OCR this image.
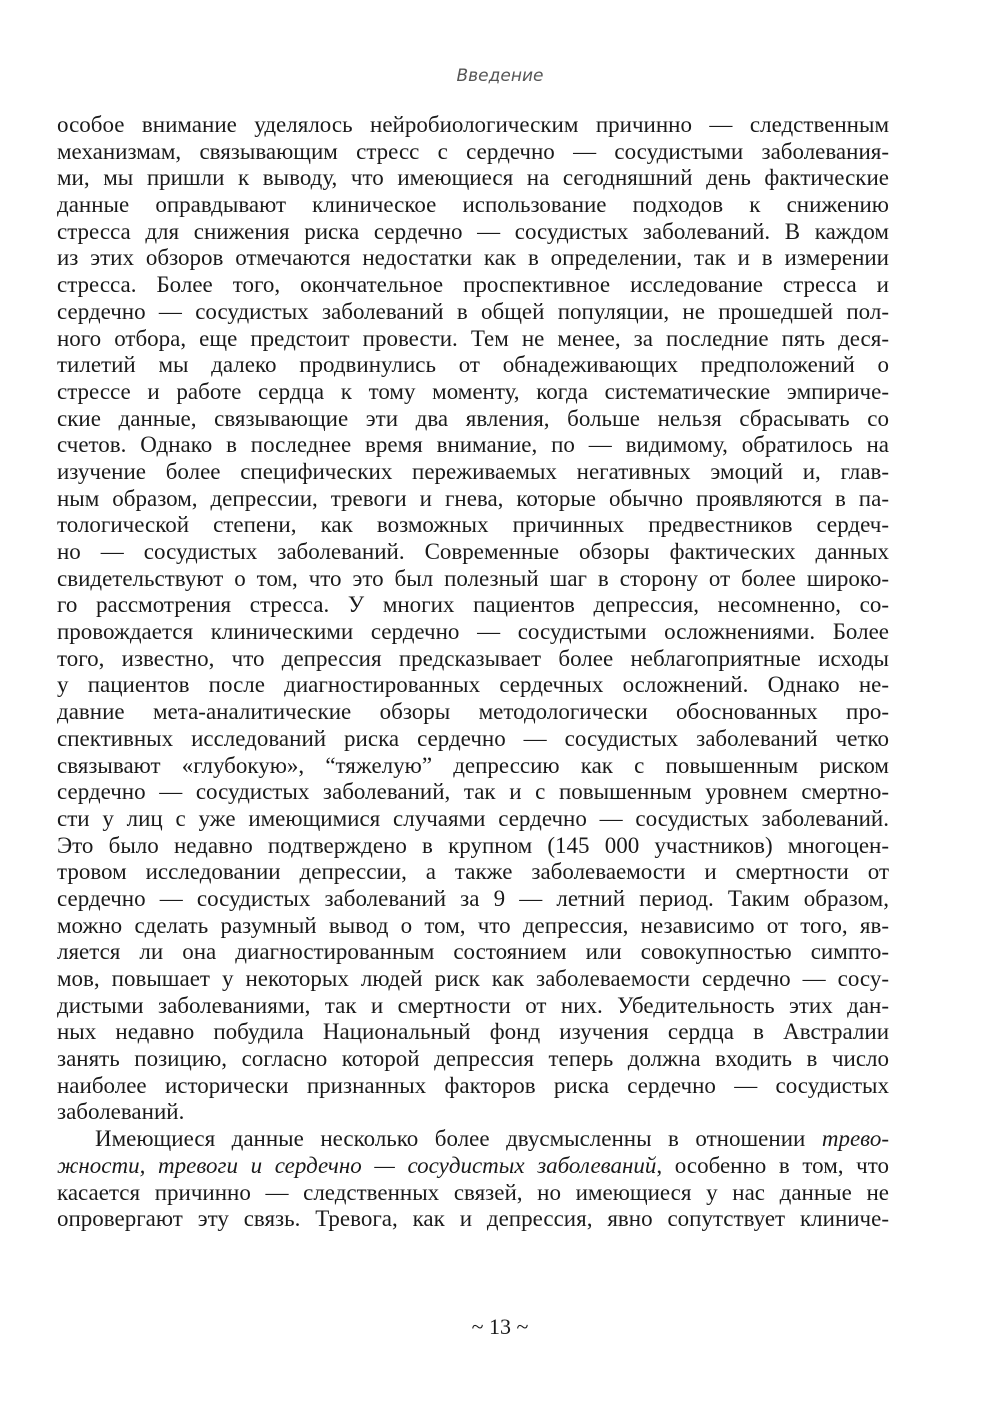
Введение
особое внимание уделялось нейробиологическим причинно — следственным
механизмам, связывающим стресс с сердечно — сосудистыми заболевания-
ми, мы пришли к выводу, что имеющиеся на сегодняшний день фактические
данные оправдывают клиническое использование подходов к снижению
стресса для снижения риска сердечно — сосудистых заболеваний. В каждом
из этих обзоров отмечаются недостатки как в определении, так и в измерении
стресса. Более того, окончательное проспективное исследование стресса и
сердечно — сосудистых заболеваний в общей популяции, не прошедшей пол-
ного отбора, еще предстоит провести. Тем не менее, за последние пять деся-
тилетий мы далеко продвинулись от обнадеживающих предположений о
стрессе и работе сердца к тому моменту, когда систематические эмпириче-
ские данные, связывающие эти два явления, больше нельзя сбрасывать со
счетов. Однако в последнее время внимание, по — видимому, обратилось на
изучение более специфических переживаемых негативных эмоций и, глав-
ным образом, депрессии, тревоги и гнева, которые обычно проявляются в па-
тологической степени, как возможных причинных предвестников сердеч-
но — сосудистых заболеваний. Современные обзоры фактических данных
свидетельствуют о том, что это был полезный шаг в сторону от более широко-
го рассмотрения стресса. У многих пациентов депрессия, несомненно, со-
провождается клиническими сердечно — сосудистыми осложнениями. Более
того, известно, что депрессия предсказывает более неблагоприятные исходы
у пациентов после диагностированных сердечных осложнений. Однако не-
давние мета-аналитические обзоры методологически обоснованных про-
спективных исследований риска сердечно — сосудистых заболеваний четко
связывают «глубокую», “тяжелую” депрессию как с повышенным риском
сердечно — сосудистых заболеваний, так и с повышенным уровнем смертно-
сти у лиц с уже имеющимися случаями сердечно — сосудистых заболеваний.
Это было недавно подтверждено в крупном (145 000 участников) многоцен-
тровом исследовании депрессии, а также заболеваемости и смертности от
сердечно — сосудистых заболеваний за 9 — летний период. Таким образом,
можно сделать разумный вывод о том, что депрессия, независимо от того, яв-
ляется ли она диагностированным состоянием или совокупностью симпто-
мов, повышает у некоторых людей риск как заболеваемости сердечно — сосу-
дистыми заболеваниями, так и смертности от них. Убедительность этих дан-
ных недавно побудила Национальный фонд изучения сердца в Австралии
занять позицию, согласно которой депрессия теперь должна входить в число
наиболее исторически признанных факторов риска сердечно — сосудистых
заболеваний.
Имеющиеся данные несколько более двусмысленны в отношении трево-
жности, тревоги и сердечно — сосудистых заболеваний, особенно в том, что
касается причинно — следственных связей, но имеющиеся у нас данные не
опровергают эту связь. Тревога, как и депрессия, явно сопутствует клиниче-
~ 13 ~
